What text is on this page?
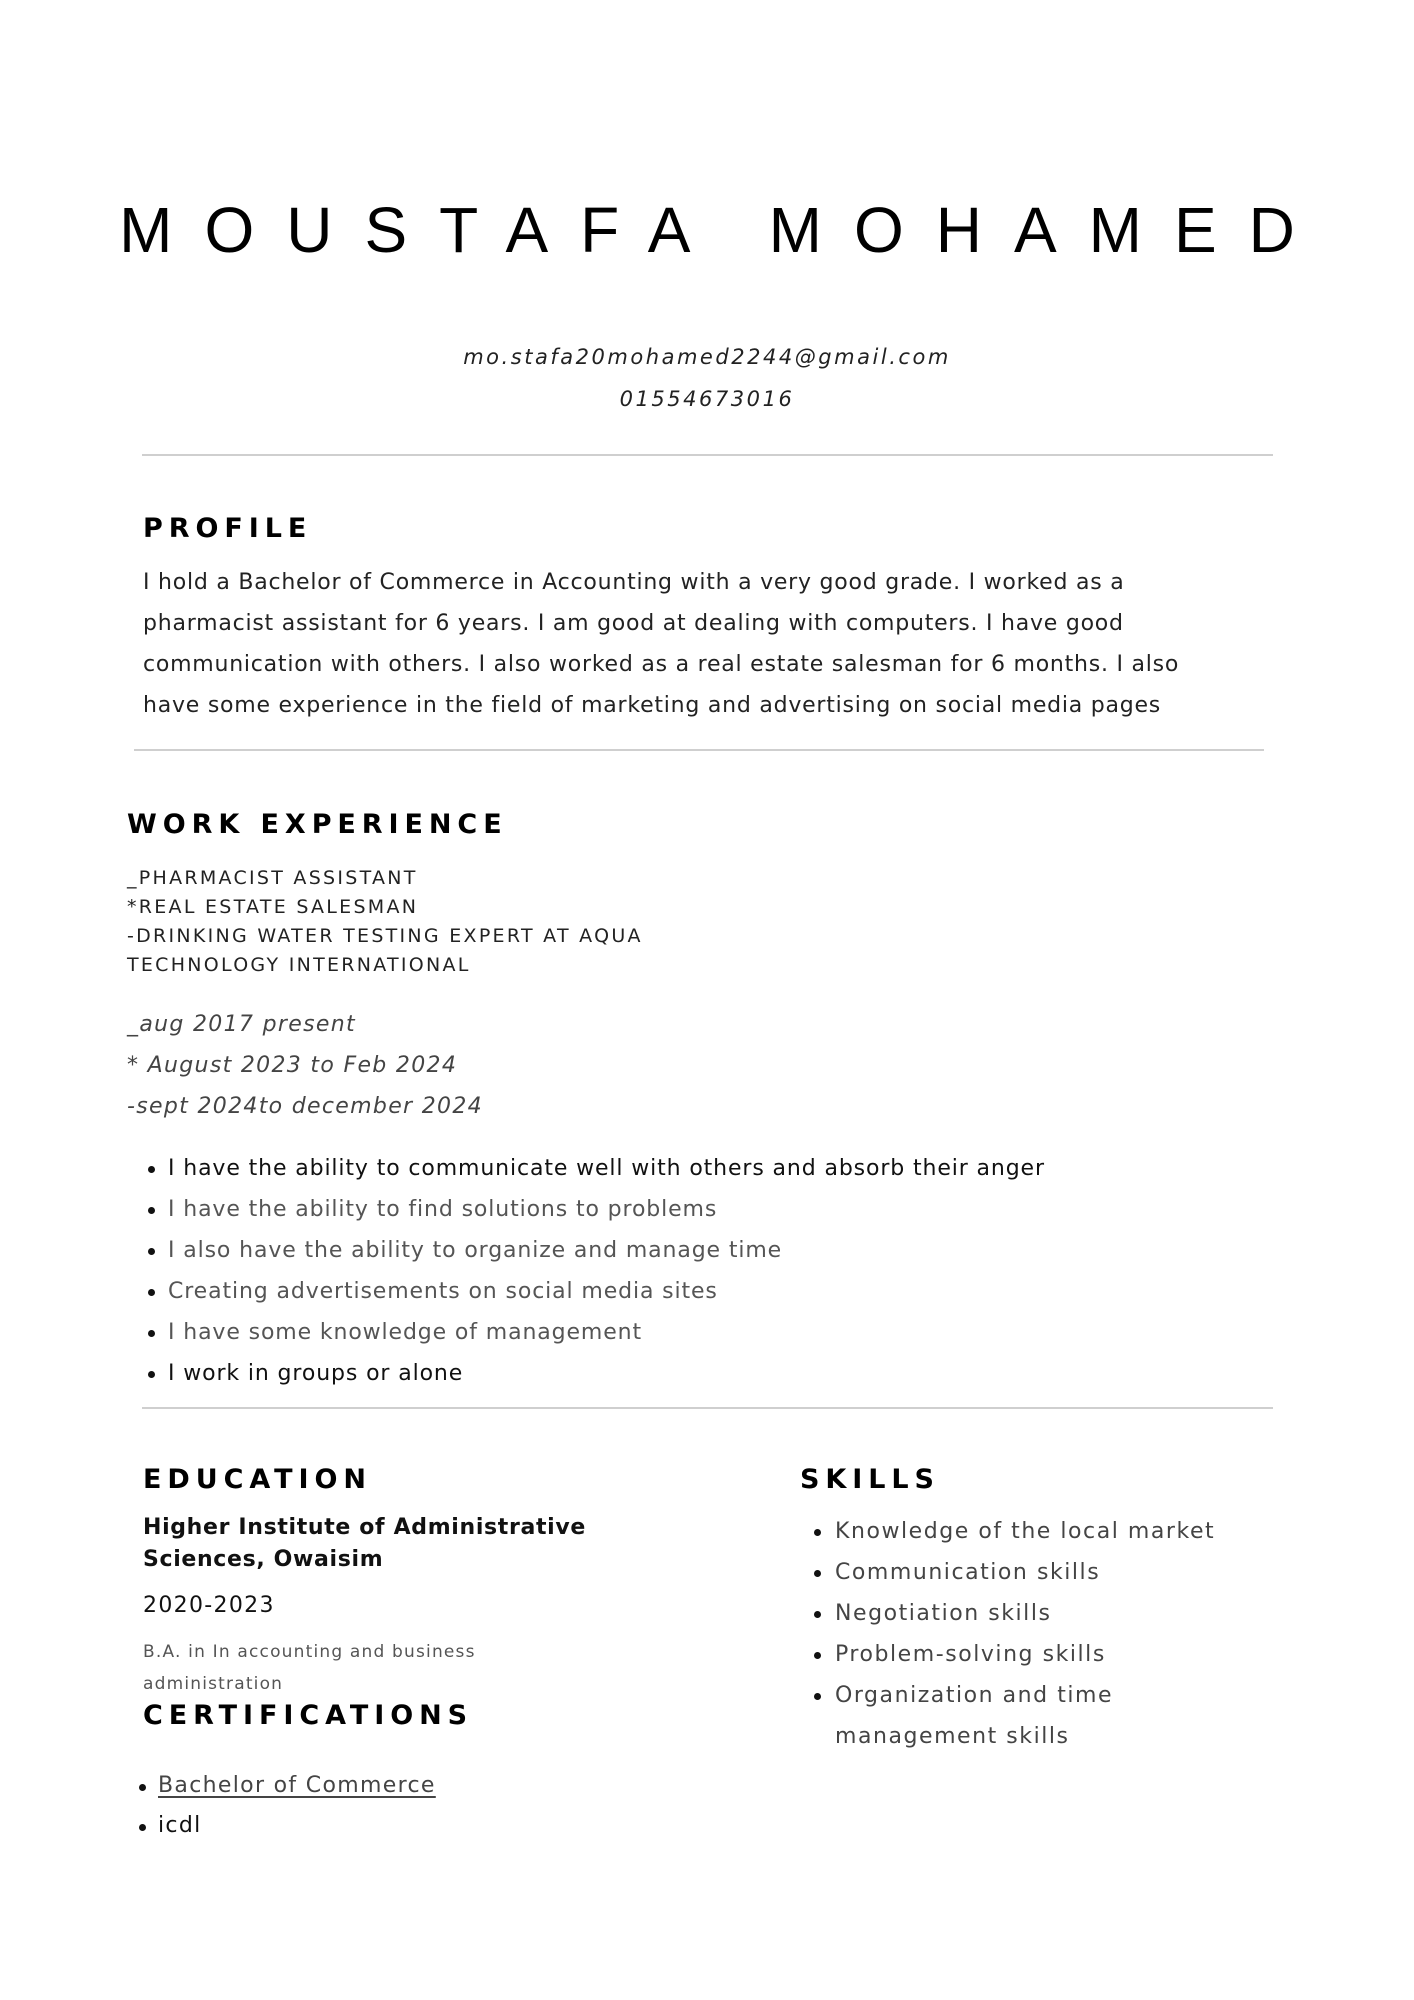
MOUSTAFA MOHAMED
mo.stafa20mohamed2244@gmail.com
01554673016
PROFILE
I hold a Bachelor of Commerce in Accounting with a very good grade. I worked as a
pharmacist assistant for 6 years. I am good at dealing with computers. I have good
communication with others. I also worked as a real estate salesman for 6 months. I also
have some experience in the field of marketing and advertising on social media pages
WORK EXPERIENCE
_PHARMACIST ASSISTANT
*REAL ESTATE SALESMAN
-DRINKING WATER TESTING EXPERT AT AQUA
TECHNOLOGY INTERNATIONAL
_aug 2017 present
* August 2023 to Feb 2024
-sept 2024to december 2024
I have the ability to communicate well with others and absorb their anger
I have the ability to find solutions to problems
I also have the ability to organize and manage time
Creating advertisements on social media sites
I have some knowledge of management
I work in groups or alone
EDUCATION
Higher Institute of Administrative
Sciences, Owaisim
2020-2023
B.A. in In accounting and business
administration
CERTIFICATIONS
Bachelor of Commerce
icdl
SKILLS
Knowledge of the local market
Communication skills
Negotiation skills
Problem-solving skills
Organization and time
management skills
